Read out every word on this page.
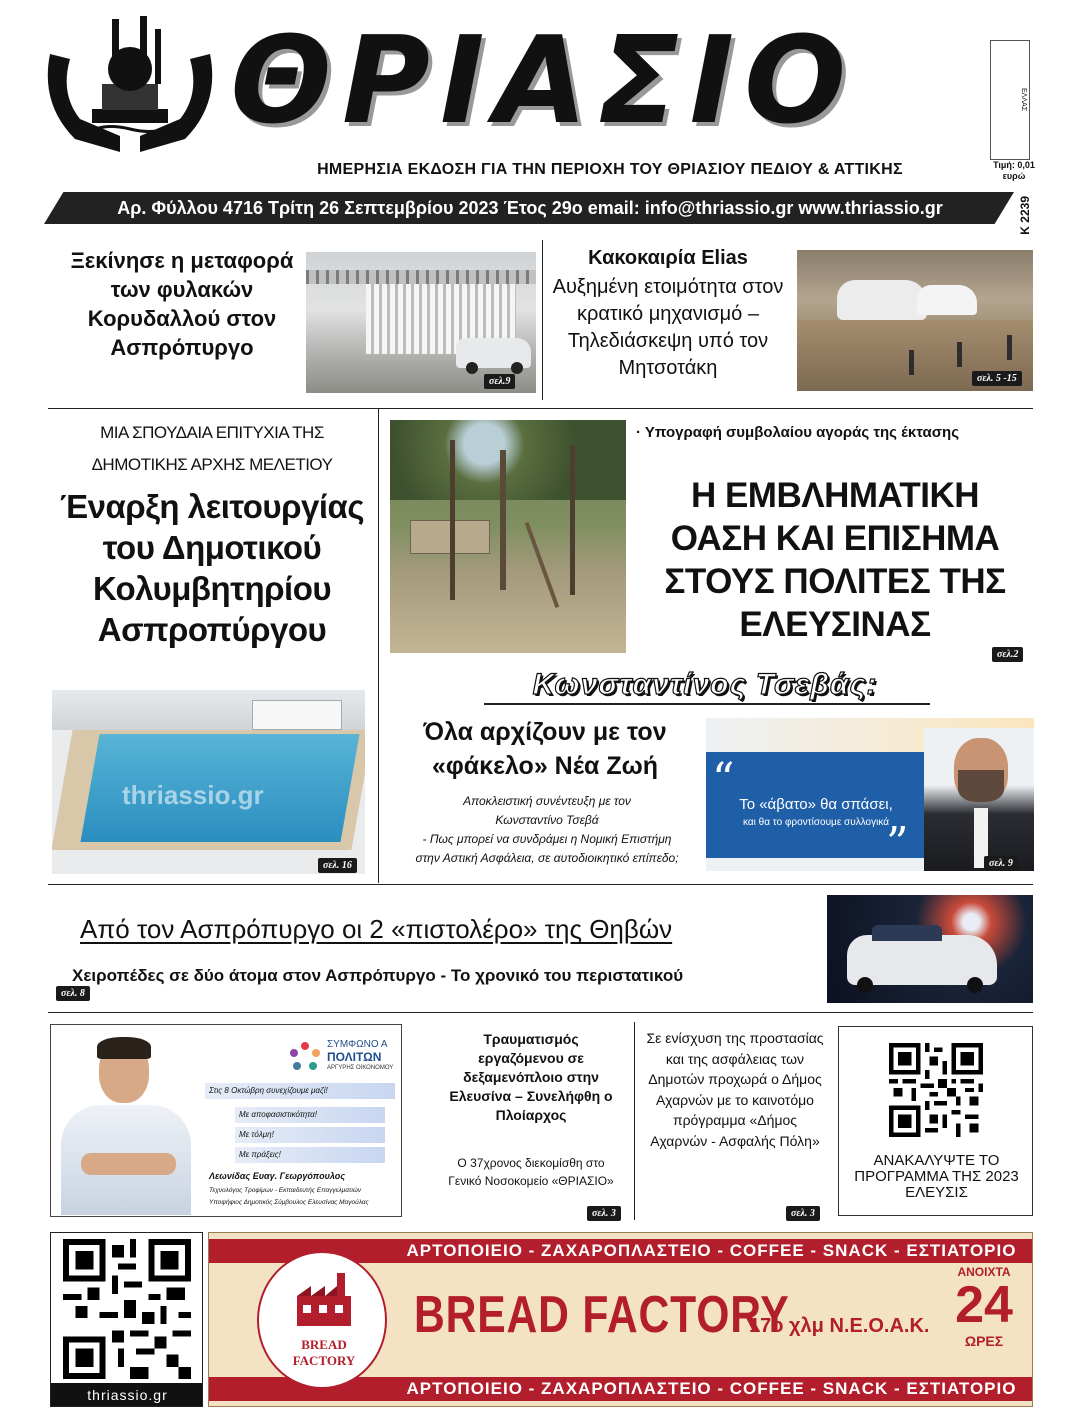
ΘΡΙΑΣΙΟ	ΕΛΛΑΣ
Τιμή: 0,01 ευρώ
Κ 2239
ΗΜΕΡΗΣΙΑ ΕΚΔΟΣΗ ΓΙΑ ΤΗΝ ΠΕΡΙΟΧΗ ΤΟΥ ΘΡΙΑΣΙΟΥ ΠΕΔΙΟΥ & ΑΤΤΙΚΗΣ
Αρ. Φύλλου 4716 Τρίτη 26 Σεπτεμβρίου 2023 Έτος 29ο email: info@thriassio.gr www.thriassio.gr
Ξεκίνησε η μεταφορά των φυλακών Κορυδαλλού στον Ασπρόπυργο
σελ.9
Κακοκαιρία Elias
Αυξημένη ετοιμότητα στον κρατικό μηχανισμό – Τηλεδιάσκεψη υπό τον Μητσοτάκη	σελ. 5 -15
ΜΙΑ ΣΠΟΥΔΑΙΑ ΕΠΙΤΥΧΙΑ ΤΗΣ
ΔΗΜΟΤΙΚΗΣ ΑΡΧΗΣ ΜΕΛΕΤΙΟΥ
Έναρξη λειτουργίας του Δημοτικού Κολυμβητηρίου Ασπροπύργου
thriassio.gr
σελ. 16
· Υπογραφή συμβολαίου αγοράς της έκτασης
Η ΕΜΒΛΗΜΑΤΙΚΗ ΟΑΣΗ ΚΑΙ ΕΠΙΣΗΜΑ ΣΤΟΥΣ ΠΟΛΙΤΕΣ ΤΗΣ ΕΛΕΥΣΙΝΑΣ
σελ.2
Κωνσταντίνος Τσεβάς:
Όλα αρχίζουν με τον «φάκελο» Νέα Ζωή
Αποκλειστική συνέντευξη με τον
Κωνσταντίνο Τσεβά
- Πως μπορεί να συνδράμει η Νομική Επιστήμη
στην Αστική Ασφάλεια, σε αυτοδιοικητικό επίπεδο;
“
”
Το «άβατο» θα σπάσει,
και θα το φροντίσουμε συλλογικά
σελ. 9
Από τον Ασπρόπυργο οι 2 «πιστολέρο» της Θηβών
Χειροπέδες σε δύο άτομα στον Ασπρόπυργο - Το χρονικό του περιστατικού
σελ. 8
ΣΥΜΦΩΝΟ Α
ΠΟΛΙΤΩΝ
ΑΡΓΥΡΗΣ ΟΙΚΟΝΟΜΟΥ
Στις 8 Οκτώβρη συνεχίζουμε μαζί!
Με αποφασιστικότητα!
Με τόλμη!
Με πράξεις!
Λεωνίδας Ευαγ. Γεωργόπουλος
Τεχνολόγος Τροφίμων - Εκπαιδευτής Επαγγελματιών
Υποψήφιος Δημοτικός Σύμβουλος Ελευσίνας Μαγούλας
Τραυματισμός εργαζόμενου σε δεξαμενόπλοιο στην Ελευσίνα – Συνελήφθη ο Πλοίαρχος
Ο 37χρονος διεκομίσθη στο Γενικό Νοσοκομείο «ΘΡΙΑΣΙΟ»
σελ. 3
Σε ενίσχυση της προστασίας και της ασφάλειας των Δημοτών προχωρά ο Δήμος Αχαρνών με το καινοτόμο πρόγραμμα «Δήμος Αχαρνών - Ασφαλής Πόλη»
σελ. 3
ΑΝΑΚΑΛΥΨΤΕ ΤΟ ΠΡΟΓΡΑΜΜΑ ΤΗΣ 2023 ΕΛΕΥΣΙΣ
thriassio.gr
ΑΡΤΟΠΟΙΕΙΟ - ΖΑΧΑΡΟΠΛΑΣΤΕΙΟ - COFFEE - SNACK - ΕΣΤΙΑΤΟΡΙΟ
ΑΡΤΟΠΟΙΕΙΟ - ΖΑΧΑΡΟΠΛΑΣΤΕΙΟ - COFFEE - SNACK - ΕΣΤΙΑΤΟΡΙΟ
BREAD
FACTORY
BREAD FACTORY
17ο χλμ Ν.Ε.Ο.Α.Κ.
ΑΝΟΙΧΤΑ
24
ΩΡΕΣ
